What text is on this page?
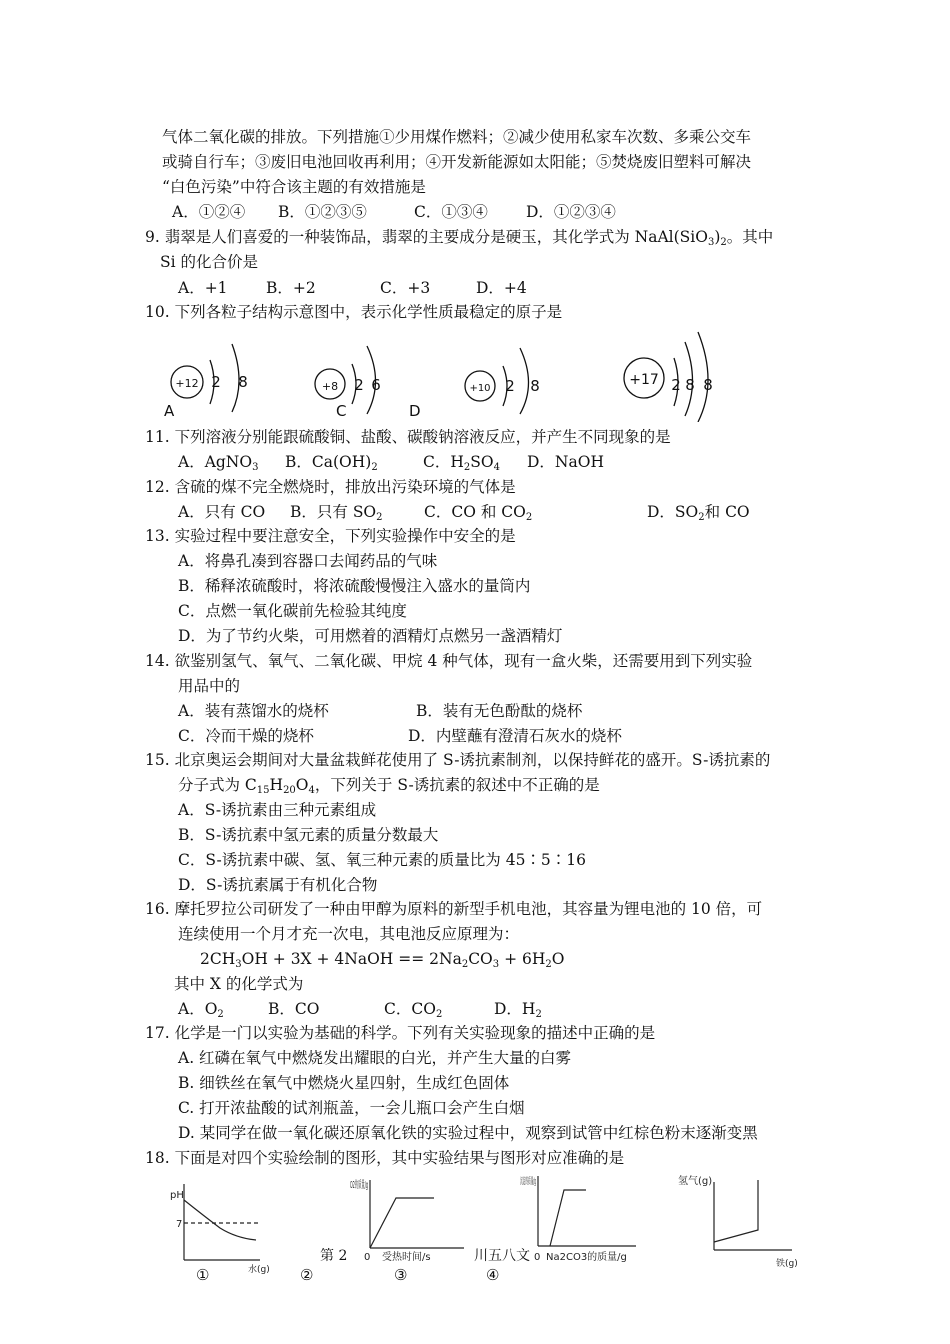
气体二氧化碳的排放。下列措施①少用煤作燃料；②减少使用私家车次数、多乘公交车
或骑自行车；③废旧电池回收再利用；④开发新能源如太阳能；⑤焚烧废旧塑料可解决
“白色污染”中符合该主题的有效措施是
A．①②④ B．①②③⑤	C．①③④ D．①②③④
9. 翡翠是人们喜爱的一种装饰品，翡翠的主要成分是硬玉，其化学式为 $NaAl(SiO_3)_2$。其中
Si 的化合价是
A．+1 B．+2	C．+3	D．+4
10. 下列各粒子结构示意图中，表示化学性质最稳定的原子是
+12 2 8
A
+8 2 6
C
+10 2 8
D
+17 2 8 8
11. 下列溶液分别能跟硫酸铜、盐酸、碳酸钠溶液反应，并产生不同现象的是
A．AgNO$_3$ B．$Ca(OH)_2$	C．$H_2SO_4$ D．NaOH
12. 含硫的煤不完全燃烧时，排放出污染环境的气体是
A．只有 CO B．只有 $SO_2$	C．CO 和 $CO_2$	D．$SO_2$和 CO
13. 实验过程中要注意安全，下列实验操作中安全的是
A．将鼻孔凑到容器口去闻药品的气味
B．稀释浓硫酸时，将浓硫酸慢慢注入盛水的量筒内
C．点燃一氧化碳前先检验其纯度
D．为了节约火柴，可用燃着的酒精灯点燃另一盏酒精灯
14. 欲鉴别氢气、氧气、二氧化碳、甲烷 4 种气体，现有一盒火柴，还需要用到下列实验
用品中的
A．装有蒸馏水的烧杯	B．装有无色酚酞的烧杯
C．冷而干燥的烧杯	D．内壁蘸有澄清石灰水的烧杯
15. 北京奥运会期间对大量盆栽鲜花使用了 S-诱抗素制剂，以保持鲜花的盛开。S-诱抗素的
分子式为 $C_{15}H_{20}O_4$，下列关于 S-诱抗素的叙述中不正确的是
A．S-诱抗素由三种元素组成
B．S-诱抗素中氢元素的质量分数最大
C．S-诱抗素中碳、氢、氧三种元素的质量比为 45∶5∶16
D．S-诱抗素属于有机化合物
16. 摩托罗拉公司研发了一种由甲醇为原料的新型手机电池，其容量为锂电池的 10 倍，可
连续使用一个月才充一次电，其电池反应原理为：
$2CH_3OH + 3X$ + 4NaOH == $2Na_2CO_3 + 6H_2O$
其中 X 的化学式为
A．$O_2$	B．CO	C．$CO_2$	D．$H_2$
17. 化学是一门以实验为基础的科学。下列有关实验现象的描述中正确的是
A. 红磷在氧气中燃烧发出耀眼的白光，并产生大量的白雾
B. 细铁丝在氧气中燃烧火星四射，生成红色固体
C. 打开浓盐酸的试剂瓶盖，一会儿瓶口会产生白烟
D. 某同学在做一氧化碳还原氧化铁的实验过程中，观察到试管中红棕色粉末逐渐变黑
18. 下面是对四个实验绘制的图形，其中实验结果与图形对应准确的是
pH
7
水(g)
O2的质量/g
0 受热时间/s
沉淀的质量/g
0 Na2CO3的质量/g
氢气(g)
铁(g)
①	②	③	④
第 2	川五八文
